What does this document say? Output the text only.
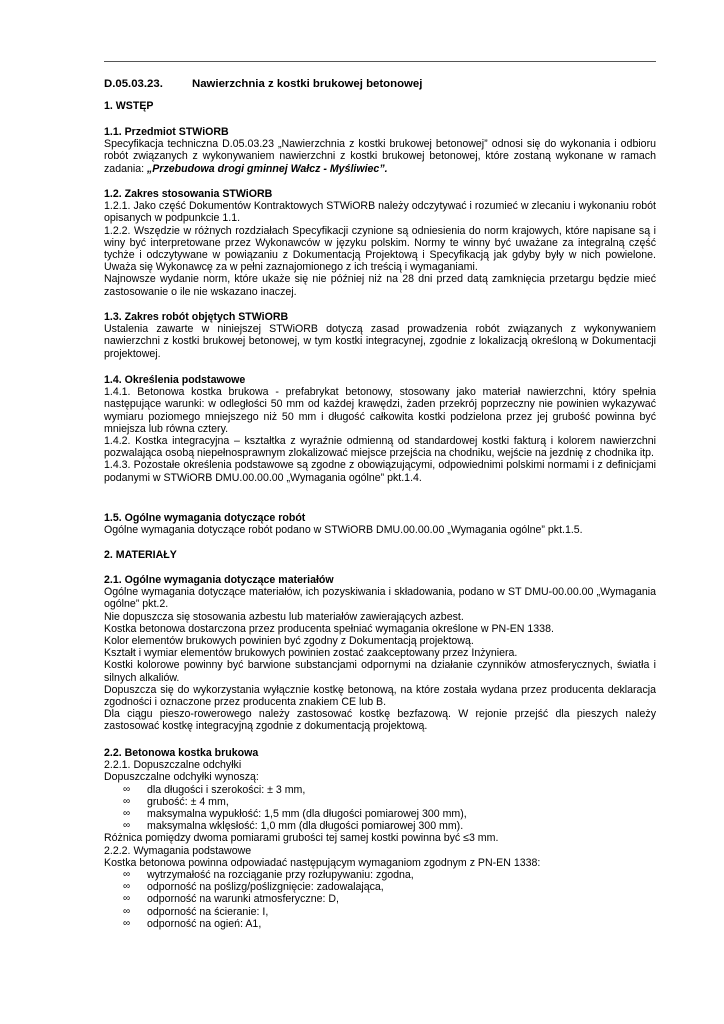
D.05.03.23.	Nawierzchnia z kostki brukowej betonowej
1. WSTĘP
1.1. Przedmiot STWiORB
Specyfikacja techniczna D.05.03.23 „Nawierzchnia z kostki brukowej betonowej” odnosi się do wykonania i odbioru robót związanych z wykonywaniem nawierzchni z kostki brukowej betonowej, które zostaną wykonane w ramach zadania: „Przebudowa drogi gminnej Wałcz - Myśliwiec”.
1.2. Zakres stosowania STWiORB
1.2.1. Jako część Dokumentów Kontraktowych STWiORB należy odczytywać i rozumieć w zlecaniu i wykonaniu robót opisanych w podpunkcie 1.1.
1.2.2. Wszędzie w różnych rozdziałach Specyfikacji czynione są odniesienia do norm krajowych, które napisane są i winy być interpretowane przez Wykonawców w języku polskim. Normy te winny być uważane za integralną część tychże i odczytywane w powiązaniu z Dokumentacją Projektową i Specyfikacją jak gdyby były w nich powielone. Uważa się Wykonawcę za w pełni zaznajomionego z ich treścią i wymaganiami.
Najnowsze wydanie norm, które ukaże się nie później niż na 28 dni przed datą zamknięcia przetargu będzie mieć zastosowanie o ile nie wskazano inaczej.
1.3. Zakres robót objętych STWiORB
Ustalenia zawarte w niniejszej STWiORB dotyczą zasad prowadzenia robót związanych z wykonywaniem nawierzchni z kostki brukowej betonowej, w tym kostki integracynej, zgodnie z lokalizacją określoną w Dokumentacji projektowej.
1.4. Określenia podstawowe
1.4.1. Betonowa kostka brukowa - prefabrykat betonowy, stosowany jako materiał nawierzchni, który spełnia następujące warunki: w odległości 50 mm od każdej krawędzi, żaden przekrój poprzeczny nie powinien wykazywać wymiaru poziomego mniejszego niż 50 mm i długość całkowita kostki podzielona przez jej grubość powinna być mniejsza lub równa cztery.
1.4.2. Kostka integracyjna – kształtka z wyraźnie odmienną od standardowej kostki fakturą i kolorem nawierzchni pozwalająca osobą niepełnosprawnym zlokalizować miejsce przejścia na chodniku, wejście na jezdnię z chodnika itp.
1.4.3. Pozostałe określenia podstawowe są zgodne z obowiązującymi, odpowiednimi polskimi normami i z definicjami podanymi w STWiORB DMU.00.00.00 „Wymagania ogólne” pkt.1.4.
1.5. Ogólne wymagania dotyczące robót
Ogólne wymagania dotyczące robót podano w STWiORB DMU.00.00.00 „Wymagania ogólne” pkt.1.5.
2. MATERIAŁY
2.1. Ogólne wymagania dotyczące materiałów
Ogólne wymagania dotyczące materiałów, ich pozyskiwania i składowania, podano w ST DMU-00.00.00 „Wymagania ogólne” pkt.2.
Nie dopuszcza się stosowania azbestu lub materiałów zawierających azbest.
Kostka betonowa dostarczona przez producenta spełniać wymagania określone w PN-EN 1338.
Kolor elementów brukowych powinien być zgodny z Dokumentacją projektową.
Kształt i wymiar elementów brukowych powinien zostać zaakceptowany przez Inżyniera.
Kostki kolorowe powinny być barwione substancjami odpornymi na działanie czynników atmosferycznych, światła i silnych alkaliów.
Dopuszcza się do wykorzystania wyłącznie kostkę betonową, na które została wydana przez producenta deklaracja zgodności i oznaczone przez producenta znakiem CE lub B.
Dla ciągu pieszo-rowerowego należy zastosować kostkę bezfazową. W rejonie przejść dla pieszych należy zastosować kostkę integracyjną zgodnie z dokumentacją projektową.
2.2. Betonowa kostka brukowa
2.2.1. Dopuszczalne odchyłki
Dopuszczalne odchyłki wynoszą:
∞ dla długości i szerokości: ± 3 mm,
∞ grubość: ± 4 mm,
∞ maksymalna wypukłość: 1,5 mm (dla długości pomiarowej 300 mm),
∞ maksymalna wklęsłość: 1,0 mm (dla długości pomiarowej 300 mm).
Różnica pomiędzy dwoma pomiarami grubości tej samej kostki powinna być ≤3 mm.
2.2.2. Wymagania podstawowe
Kostka betonowa powinna odpowiadać następującym wymaganiom zgodnym z PN-EN 1338:
∞ wytrzymałość na rozciąganie przy rozłupywaniu: zgodna,
∞ odporność na poślizg/poślizgnięcie: zadowalająca,
∞ odporność na warunki atmosferyczne: D,
∞ odporność na ścieranie: I,
∞ odporność na ogień: A1,
